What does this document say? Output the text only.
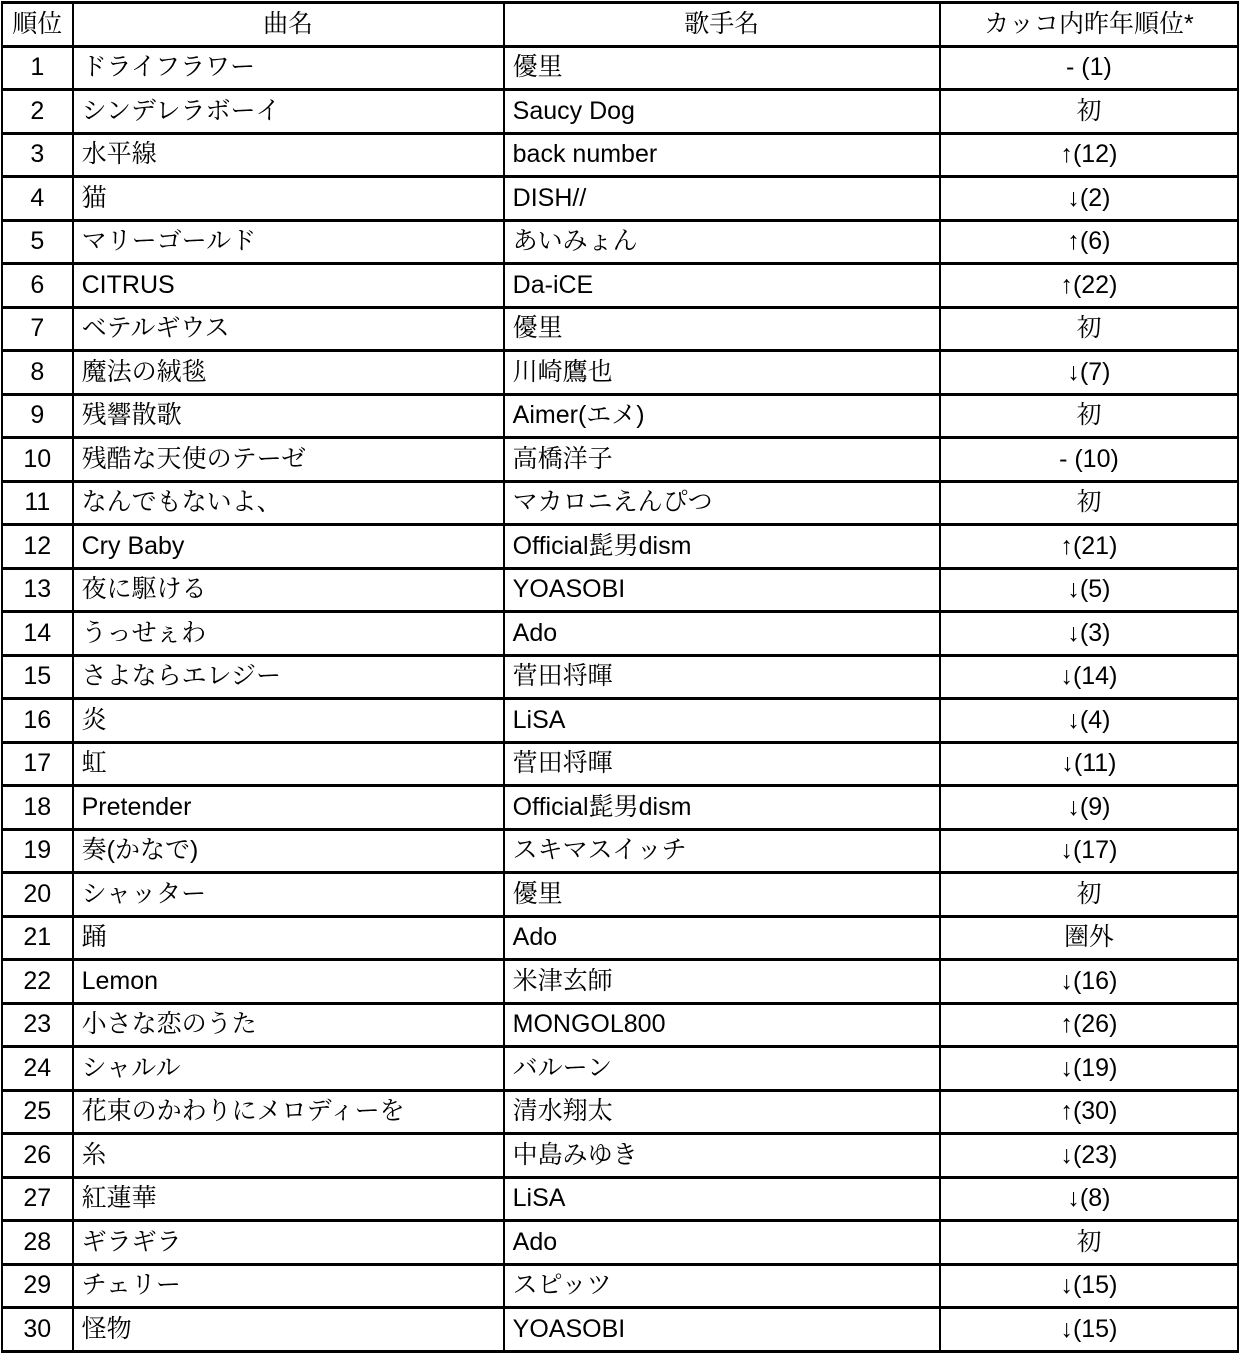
順位	曲名	歌手名	カッコ内昨年順位*
1	ドライフラワー	優里	- (1)
2	シンデレラボーイ	Saucy Dog	初
3	水平線	back number	↑(12)
4	猫	DISH//	↓(2)
5	マリーゴールド	あいみょん	↑(6)
6	CITRUS	Da-iCE	↑(22)
7	ベテルギウス	優里	初
8	魔法の絨毯	川崎鷹也	↓(7)
9	残響散歌	Aimer(エメ)	初
10	残酷な天使のテーゼ	高橋洋子	- (10)
11	なんでもないよ、	マカロニえんぴつ	初
12	Cry Baby	Official髭男dism	↑(21)
13	夜に駆ける	YOASOBI	↓(5)
14	うっせぇわ	Ado	↓(3)
15	さよならエレジー	菅田将暉	↓(14)
16	炎	LiSA	↓(4)
17	虹	菅田将暉	↓(11)
18	Pretender	Official髭男dism	↓(9)
19	奏(かなで)	スキマスイッチ	↓(17)
20	シャッター	優里	初
21	踊	Ado	圏外
22	Lemon	米津玄師	↓(16)
23	小さな恋のうた	MONGOL800	↑(26)
24	シャルル	バルーン	↓(19)
25	花束のかわりにメロディーを	清水翔太	↑(30)
26	糸	中島みゆき	↓(23)
27	紅蓮華	LiSA	↓(8)
28	ギラギラ	Ado	初
29	チェリー	スピッツ	↓(15)
30	怪物	YOASOBI	↓(15)
